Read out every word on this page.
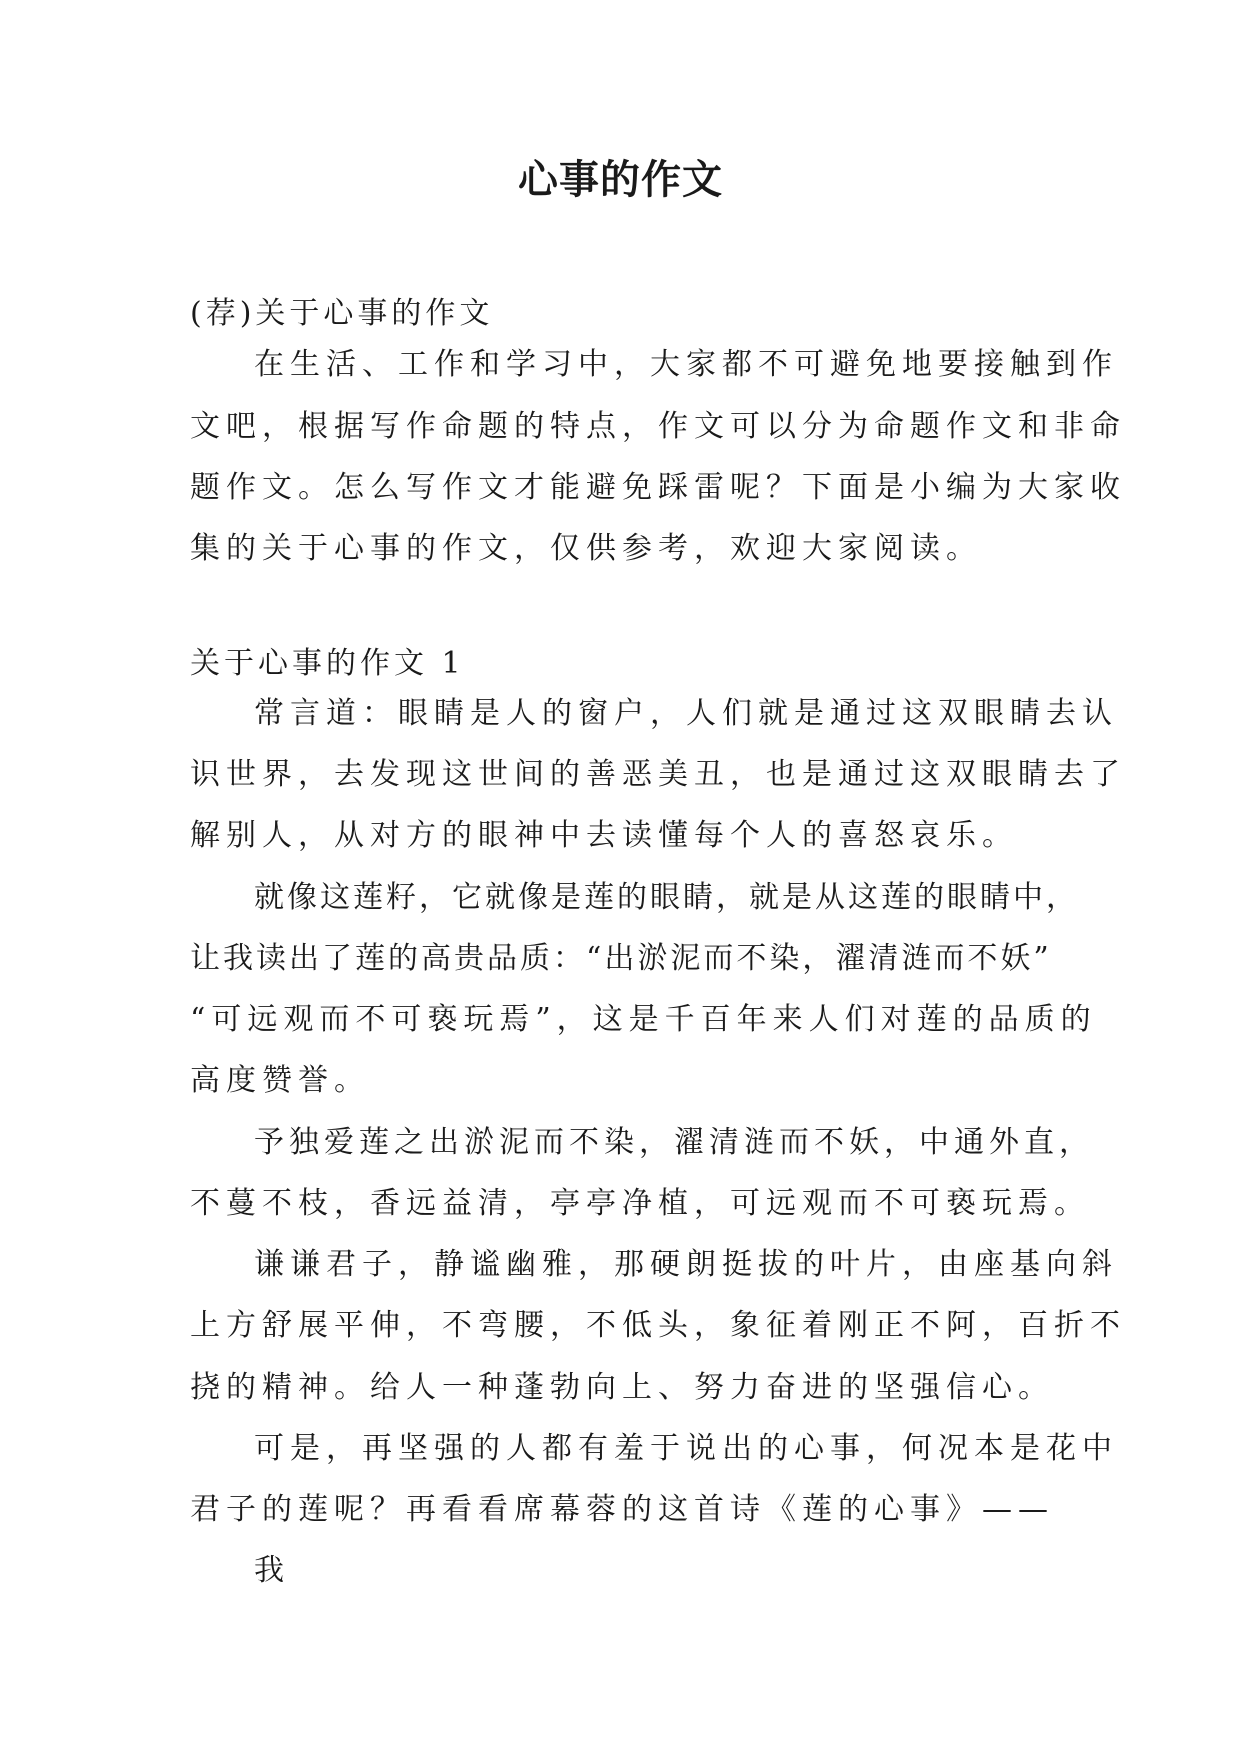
心事的作文

(荐)关于心事的作文

在生活、工作和学习中，大家都不可避免地要接触到作

文吧，根据写作命题的特点，作文可以分为命题作文和非命

题作文。怎么写作文才能避免踩雷呢？下面是小编为大家收

集的关于心事的作文，仅供参考，欢迎大家阅读。

关于心事的作文 1

常言道：眼睛是人的窗户，人们就是通过这双眼睛去认

识世界，去发现这世间的善恶美丑，也是通过这双眼睛去了

解别人，从对方的眼神中去读懂每个人的喜怒哀乐。

就像这莲籽，它就像是莲的眼睛，就是从这莲的眼睛中，

让我读出了莲的高贵品质：“出淤泥而不染，濯清涟而不妖”

“可远观而不可亵玩焉”，这是千百年来人们对莲的品质的

高度赞誉。

予独爱莲之出淤泥而不染，濯清涟而不妖，中通外直，

不蔓不枝，香远益清，亭亭净植，可远观而不可亵玩焉。

谦谦君子，静谧幽雅，那硬朗挺拔的叶片，由座基向斜

上方舒展平伸，不弯腰，不低头，象征着刚正不阿，百折不

挠的精神。给人一种蓬勃向上、努力奋进的坚强信心。

可是，再坚强的人都有羞于说出的心事，何况本是花中

君子的莲呢？再看看席幕蓉的这首诗《莲的心事》——

我
